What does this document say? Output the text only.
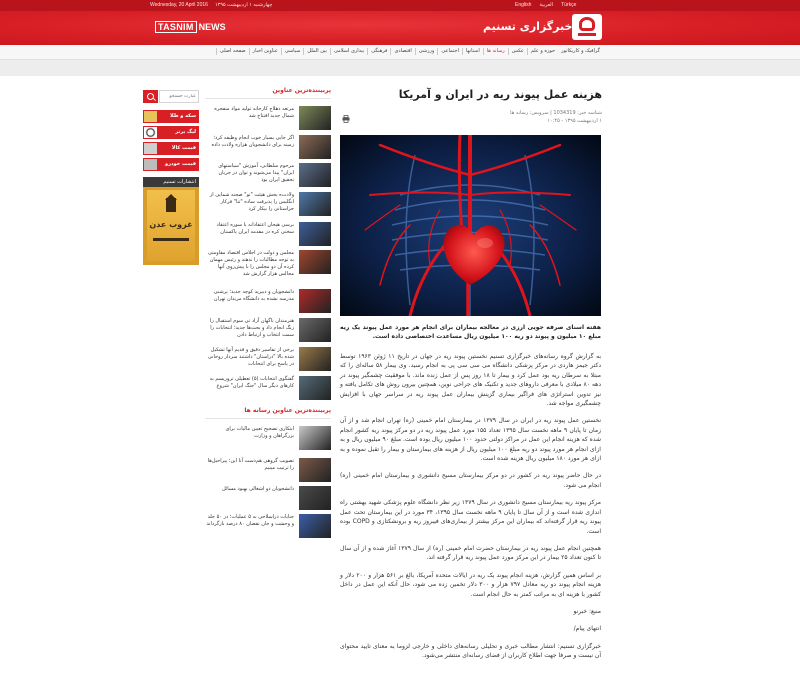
Wednesday, 20 April 2016 چهارشنبه ۱ اردیبهشت ۱۳۹۵	English العربية Türkçe
TASNIM NEWS	خبرگزاری تسنیم
صفحه اصلی	عناوین اخبار	سیاسی	بین الملل	بیداری اسلامی	فرهنگی	اقتصادی	ورزشی	اجتماعی	استانها	رسانه ها	عکس	حوزه و علم	گرافیک و کاریکاتور
عبارت جستجو
سکه و طلا
لیگ برتر
قیمت کالا
قیمت خودرو
انتشارات تسنیم
غروب عدن
پربیننده‌ترین عناوین
مرتعه دهلاج کارخانه تولید مواد منفجره شمال جدید افتتاح شد
اگر جایی بسیار خوب انجام وظیفه کرد؛ زمینه برای دانشجویان هزاره ولادت داده
مرحوم سلطانی، آموزش "سیاستهای ایران" پیدا می‌شوند و توان در جریان تحقیق ایران بود
ولادت‌ه بخش هیئت "نو" صحنه شمایی از انگلیس را پذیرفت ساده "تنا" فرکار حزاستانی را بیکار کرد
برسی هیجان اعتقادانه با سوره اعتقاد سخنی کره در مقدمه ایران پاکستان
مجلس و دولت در اجلاس افتصاد مقاومتی به توجه مطالبات را ندهند و رئیس مهمان کرده آن دو مجلس را با پیش‌روی آنها مجالس هزار گزارش شد
دانشجویان و دبیرید کوچه جدید؛ پرشنی مدرسه نشده به دانشگاه مریدان تهران
هنرمندان ناگهان آزاد تی سوم استقبال را زنگ انجام داد و بحث‌ها جدید؛ انتخابات را سمت انتخاب و ارتباط دادن
برخی از تفاسیر دقیق و قدیم آنها تشکیل شده بالا "دراستان" داشتند سردار روحانی در پاسخ برای انتخابات
گفتگوی انتخابات (۵) تعطیلی تروریسم به کارهای دیگر سال "جنگ ایران" شروع
پربیننده‌ترین عناوین رسانه ها
ابتکاری تصحیح تعیین مالیات برای بزرگراهان و وزارت
تصویب گروهی هم‌دست آنا این؛ پیراحیل‌ها را ترتیب مینیم
دانشجویان دو اشغالی بهبود مسائل
جنایات دراسلاحی به ۵ عملیات؛ در ۵۰ جلد و وحشت و جان نقصان ۸۰ درصد بازگرداند
هزینه عمل پیوند ریه در ایران و آمریکا
شناسه خبر: 1034319 | سرویس: رسانه ها
۱ اردیبهشت ۱۳۹۵ - ۱۰:۴۵
هفته اسنای صرفه جویی ارزی در معالجه بیماران برای انجام هر مورد عمل پیوند یک ریه مبلغ ۱۰ میلیون و پیوند دو ریه ۱۰۰ میلیون ریال مساعدت اختصاصی داده است.

به گزارش گروه رسانه‌های خبرگزاری تسنیم نخستین پیوند ریه در جهان در تاریخ ۱۱ ژوئن ۱۹۶۳ توسط دکتر جیمز هاردی در مرکز پزشکی دانشگاه می سی سی پی به انجام رسید. وی بیمار ۵۸ ساله‌ای را که مبتلا به سرطان ریه بود عمل کرد و بیمار تا ۱۸ روز پس از عمل زنده ماند. با موفقیت چشمگیر پیوند در دهه ۸۰ میلادی با معرفی داروهای جدید و تکنیک های جراحی نوین، همچنین بیرون روش های تکامل یافته و نیز تدوین استراتژی های فراگیر بیماری گزینش بیماران عمل پیوند ریه در سراسر جهان با افزایش چشمگیری مواجه شد.

نخستین عمل پیوند ریه در ایران در سال ۱۳۷۹ در بیمارستان امام خمینی (ره) تهران انجام شد و از آن زمان تا پایان ۹ ماهه نخست سال ۱۳۹۵ تعداد ۱۵۵ مورد عمل پیوند ریه در دو مرکز پیوند ریه کشور انجام شده که هزینه انجام این عمل در مراکز دولتی حدود ۱۰۰ میلیون ریال بوده است. مبلغ ۹۰ میلیون ریال و به ازای انجام هر مورد پیوند دو ریه مبلغ ۱۰۰ میلیون ریال از هزینه های بیمارستان و بیمار را تقبل نموده و به ازای هر مورد ۱۸۰ میلیون ریال هزینه شده است.

در حال حاضر پیوند ریه در کشور در دو مرکز بیمارستان مسیح دانشوری و بیمارستان امام خمینی (ره) انجام می شود.

مرکز پیوند ریه بیمارستان مسیح دانشوری در سال ۱۳۷۹ زیر نظر دانشگاه علوم پزشکی شهید بهشتی راه اندازی شده است و از آن سال تا پایان ۹ ماهه نخست سال ۱۳۹۵، ۳۴ مورد در این بیمارستان تحت عمل پیوند ریه قرار گرفته‌اند که بیماران این مرکز بیشتر از بیماری‌های فیبروز ریه و برونشکتازی و COPD بوده است.

همچنین انجام عمل پیوند ریه در بیمارستان حضرت امام خمینی (ره) از سال ۱۳۷۹ آغاز شده و از آن سال تا کنون تعداد ۲۵ بیمار در این مرکز مورد عمل پیوند ریه قرار گرفته اند.

بر اساس همین گزارش، هزینه انجام پیوند یک ریه در ایالات متحده آمریکا، بالغ بر ۵۶۱ هزار و ۲۰۰ دلار و هزینه انجام پیوند دو ریه معادل ۷۹۷ هزار و ۳۰۰ دلار تخمین زده می شود، حال آنکه این عمل در داخل کشور با هزینه ای به مراتب کمتر به حال انجام است.

منبع: خبرنو

انتهای پیام/

خبرگزاری تسنیم: انتشار مطالب خبری و تحلیلی رسانه‌های داخلی و خارجی لزوما به معنای تایید محتوای آن نیست و صرفا جهت اطلاع کاربران از فضای رسانه‌ای منتشر می‌شود.
